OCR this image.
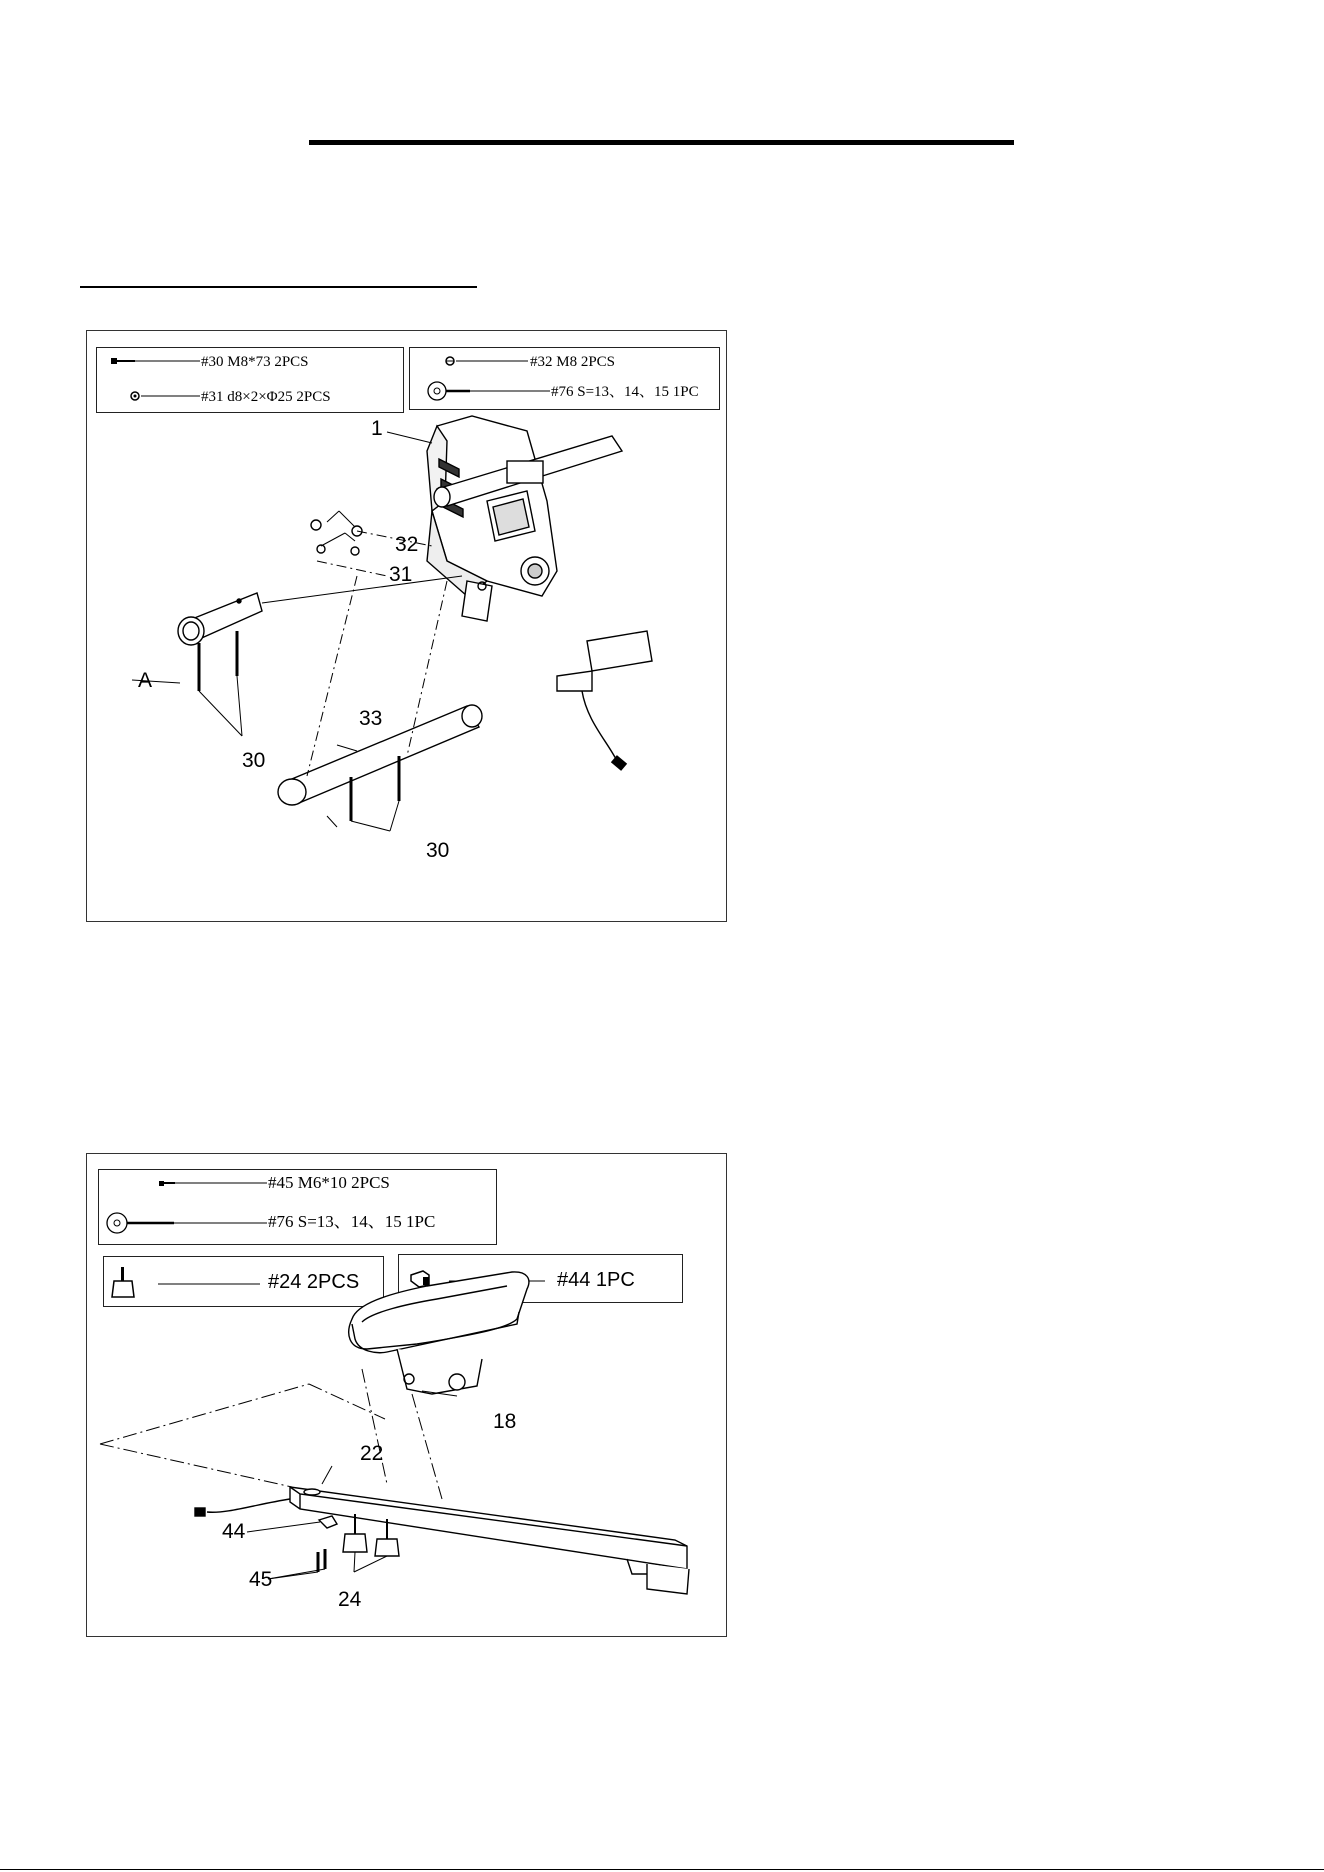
#30 M8*73 2PCS
#31 d8×2×Φ25 2PCS
#32 M8 2PCS
#76 S=13、14、15 1PC
1
32
31
A
33
30
30
#45 M6*10 2PCS
#76 S=13、14、15 1PC
#24 2PCS	#44 1PC
18
22
44
45
24
